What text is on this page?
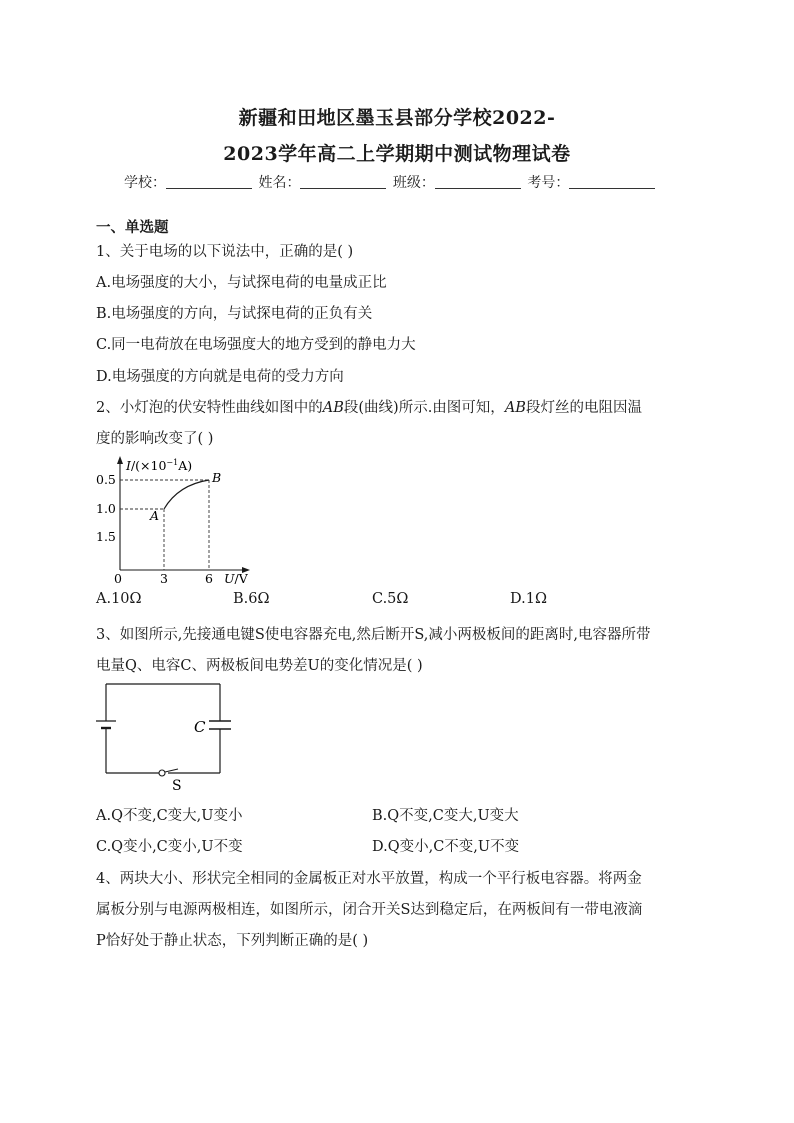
新疆和田地区墨玉县部分学校2022-
2023学年高二上学期期中测试物理试卷
学校：	姓名：	班级：	考号：
一、单选题
1、关于电场的以下说法中，正确的是( )
A.电场强度的大小，与试探电荷的电量成正比
B.电场强度的方向，与试探电荷的正负有关
C.同一电荷放在电场强度大的地方受到的静电力大
D.电场强度的方向就是电荷的受力方向
2、小灯泡的伏安特性曲线如图中的AB段(曲线)所示.由图可知，AB段灯丝的电阻因温
度的影响改变了( )
$I/(\times 10^{-1}A)$
0.5
1.0
1.5
0	3	6 U/V
A
B
A.10Ω	B.6Ω	C.5Ω	D.1Ω
3、如图所示,先接通电键S使电容器充电,然后断开S,减小两极板间的距离时,电容器所带
电量Q、电容C、两极板间电势差U的变化情况是( )
C
S
A.Q不变,C变大,U变小	B.Q不变,C变大,U变大
C.Q变小,C变小,U不变	D.Q变小,C不变,U不变
4、两块大小、形状完全相同的金属板正对水平放置，构成一个平行板电容器。将两金
属板分别与电源两极相连，如图所示，闭合开关S达到稳定后，在两板间有一带电液滴
P恰好处于静止状态，下列判断正确的是( )
